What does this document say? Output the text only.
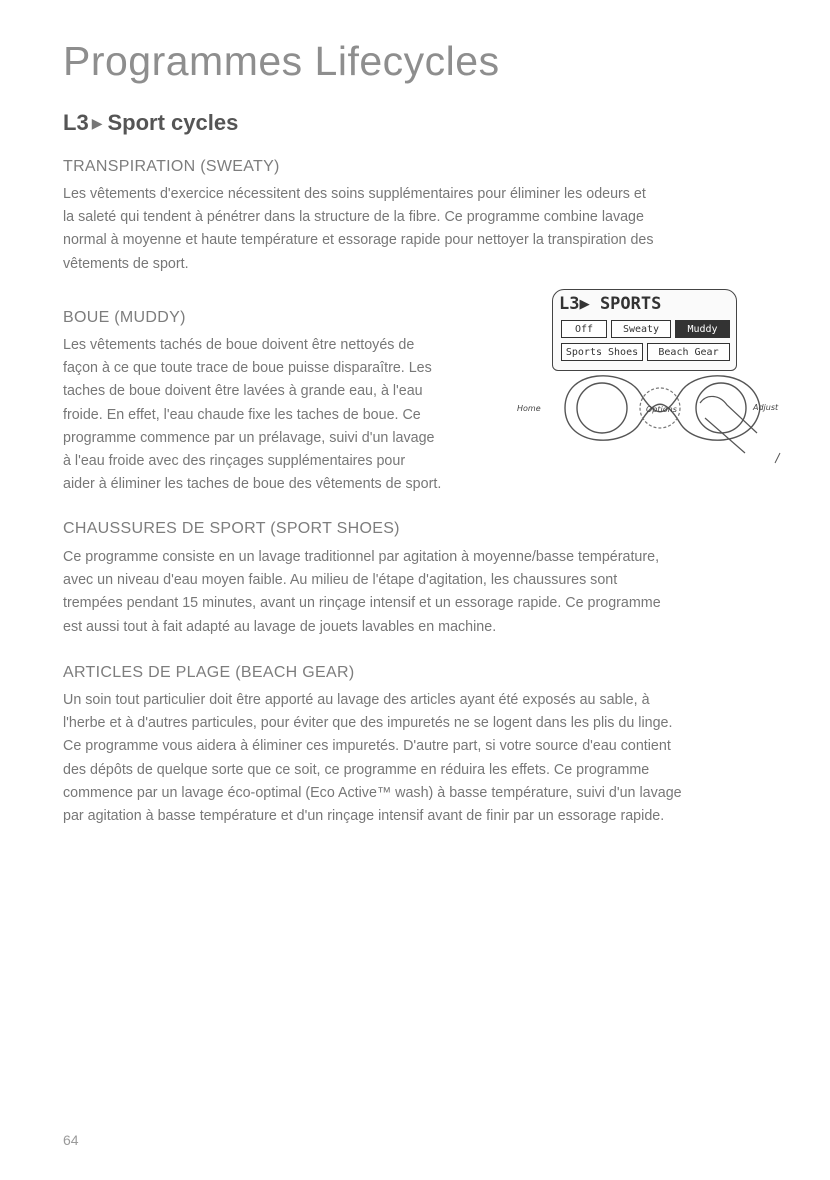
Programmes Lifecycles
L3 ▶ Sport cycles
TRANSPIRATION (SWEATY)

Les vêtements d'exercice nécessitent des soins supplémentaires pour éliminer les odeurs et
la saleté qui tendent à pénétrer dans la structure de la fibre. Ce programme combine lavage
normal à moyenne et haute température et essorage rapide pour nettoyer la transpiration des
vêtements de sport.

BOUE (MUDDY)

Les vêtements tachés de boue doivent être nettoyés de
façon à ce que toute trace de boue puisse disparaître. Les
taches de boue doivent être lavées à grande eau, à l'eau
froide. En effet, l'eau chaude fixe les taches de boue. Ce
programme commence par un prélavage, suivi d'un lavage
à l'eau froide avec des rinçages supplémentaires pour
aider à éliminer les taches de boue des vêtements de sport.

L3▶ SPORTS
Off	Sweaty	Muddy
Sports Shoes	Beach Gear
Home	Options	Adjust
CHAUSSURES DE SPORT (SPORT SHOES)

Ce programme consiste en un lavage traditionnel par agitation à moyenne/basse température,
avec un niveau d'eau moyen faible. Au milieu de l'étape d'agitation, les chaussures sont
trempées pendant 15 minutes, avant un rinçage intensif et un essorage rapide. Ce programme
est aussi tout à fait adapté au lavage de jouets lavables en machine.

ARTICLES DE PLAGE (BEACH GEAR)

Un soin tout particulier doit être apporté au lavage des articles ayant été exposés au sable, à
l'herbe et à d'autres particules, pour éviter que des impuretés ne se logent dans les plis du linge.
Ce programme vous aidera à éliminer ces impuretés. D'autre part, si votre source d'eau contient
des dépôts de quelque sorte que ce soit, ce programme en réduira les effets. Ce programme
commence par un lavage éco-optimal (Eco Active™ wash) à basse température, suivi d'un lavage
par agitation à basse température et d'un rinçage intensif avant de finir par un essorage rapide.

64
